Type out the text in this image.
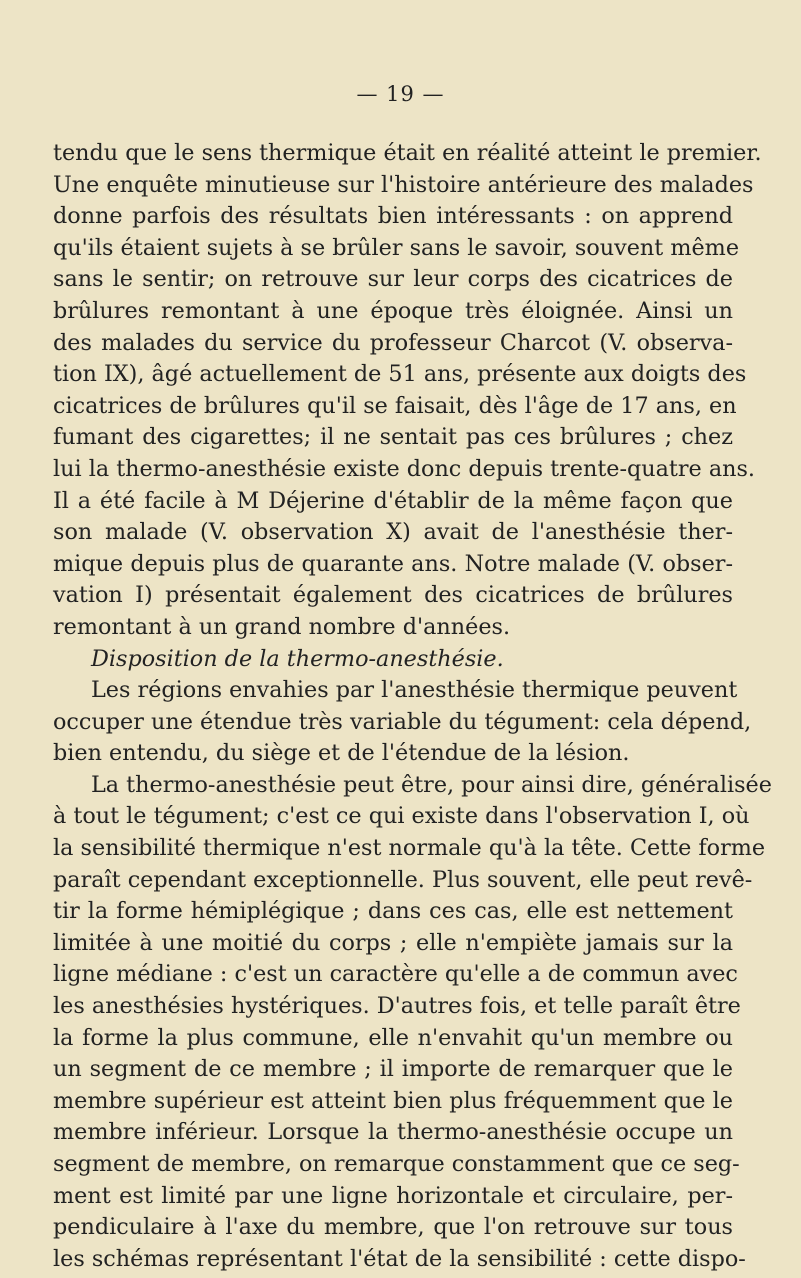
— 19 —
tendu que le sens thermique était en réalité atteint le premier.
Une enquête minutieuse sur l'histoire antérieure des malades
donne parfois des résultats bien intéressants : on apprend
qu'ils étaient sujets à se brûler sans le savoir, souvent même
sans le sentir; on retrouve sur leur corps des cicatrices de
brûlures remontant à une époque très éloignée. Ainsi un
des malades du service du professeur Charcot (V. observa-
tion IX), âgé actuellement de 51 ans, présente aux doigts des
cicatrices de brûlures qu'il se faisait, dès l'âge de 17 ans, en
fumant des cigarettes; il ne sentait pas ces brûlures ; chez
lui la thermo-anesthésie existe donc depuis trente-quatre ans.
Il a été facile à M Déjerine d'établir de la même façon que
son malade (V. observation X) avait de l'anesthésie ther-
mique depuis plus de quarante ans. Notre malade (V. obser-
vation I) présentait également des cicatrices de brûlures
remontant à un grand nombre d'années.
Disposition de la thermo-anesthésie.
Les régions envahies par l'anesthésie thermique peuvent
occuper une étendue très variable du tégument: cela dépend,
bien entendu, du siège et de l'étendue de la lésion.
La thermo-anesthésie peut être, pour ainsi dire, généralisée
à tout le tégument; c'est ce qui existe dans l'observation I, où
la sensibilité thermique n'est normale qu'à la tête. Cette forme
paraît cependant exceptionnelle. Plus souvent, elle peut revê-
tir la forme hémiplégique ; dans ces cas, elle est nettement
limitée à une moitié du corps ; elle n'empiète jamais sur la
ligne médiane : c'est un caractère qu'elle a de commun avec
les anesthésies hystériques. D'autres fois, et telle paraît être
la forme la plus commune, elle n'envahit qu'un membre ou
un segment de ce membre ; il importe de remarquer que le
membre supérieur est atteint bien plus fréquemment que le
membre inférieur. Lorsque la thermo-anesthésie occupe un
segment de membre, on remarque constamment que ce seg-
ment est limité par une ligne horizontale et circulaire, per-
pendiculaire à l'axe du membre, que l'on retrouve sur tous
les schémas représentant l'état de la sensibilité : cette dispo-
